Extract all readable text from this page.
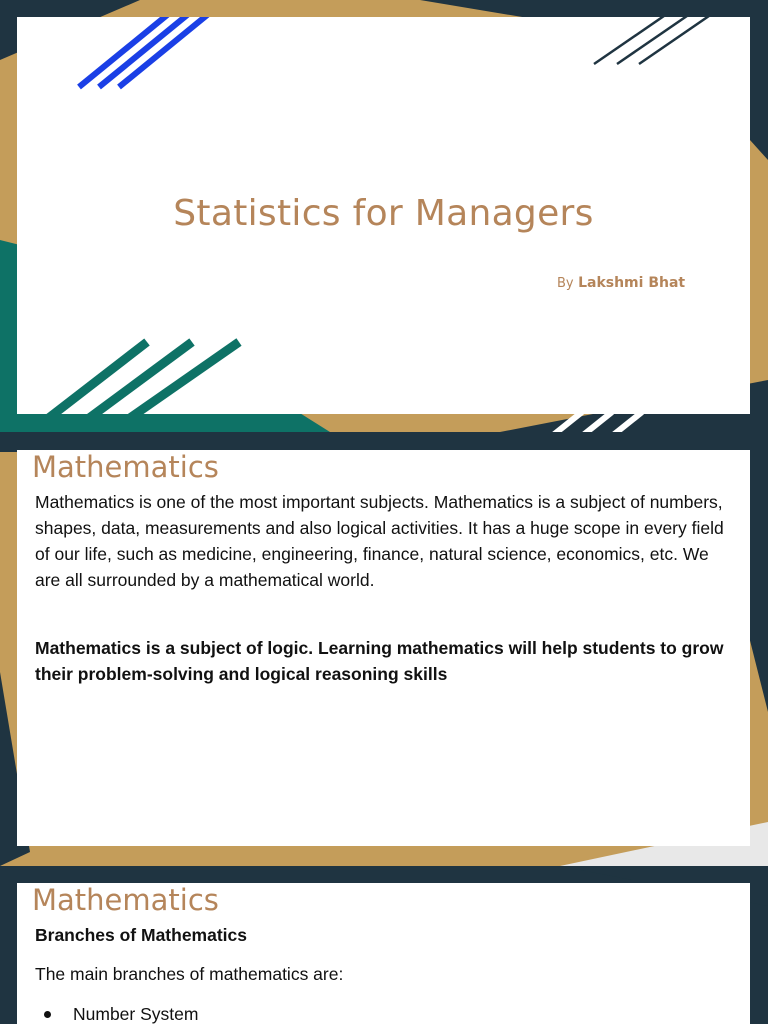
Statistics for Managers
By Lakshmi Bhat
Mathematics
Mathematics is one of the most important subjects. Mathematics is a subject of numbers, shapes, data, measurements and also logical activities. It has a huge scope in every field of our life, such as medicine, engineering, finance, natural science, economics, etc. We are all surrounded by a mathematical world.
Mathematics is a subject of logic. Learning mathematics will help students to grow their problem-solving and logical reasoning skills
Mathematics
Branches of Mathematics
The main branches of mathematics are:
Number System
